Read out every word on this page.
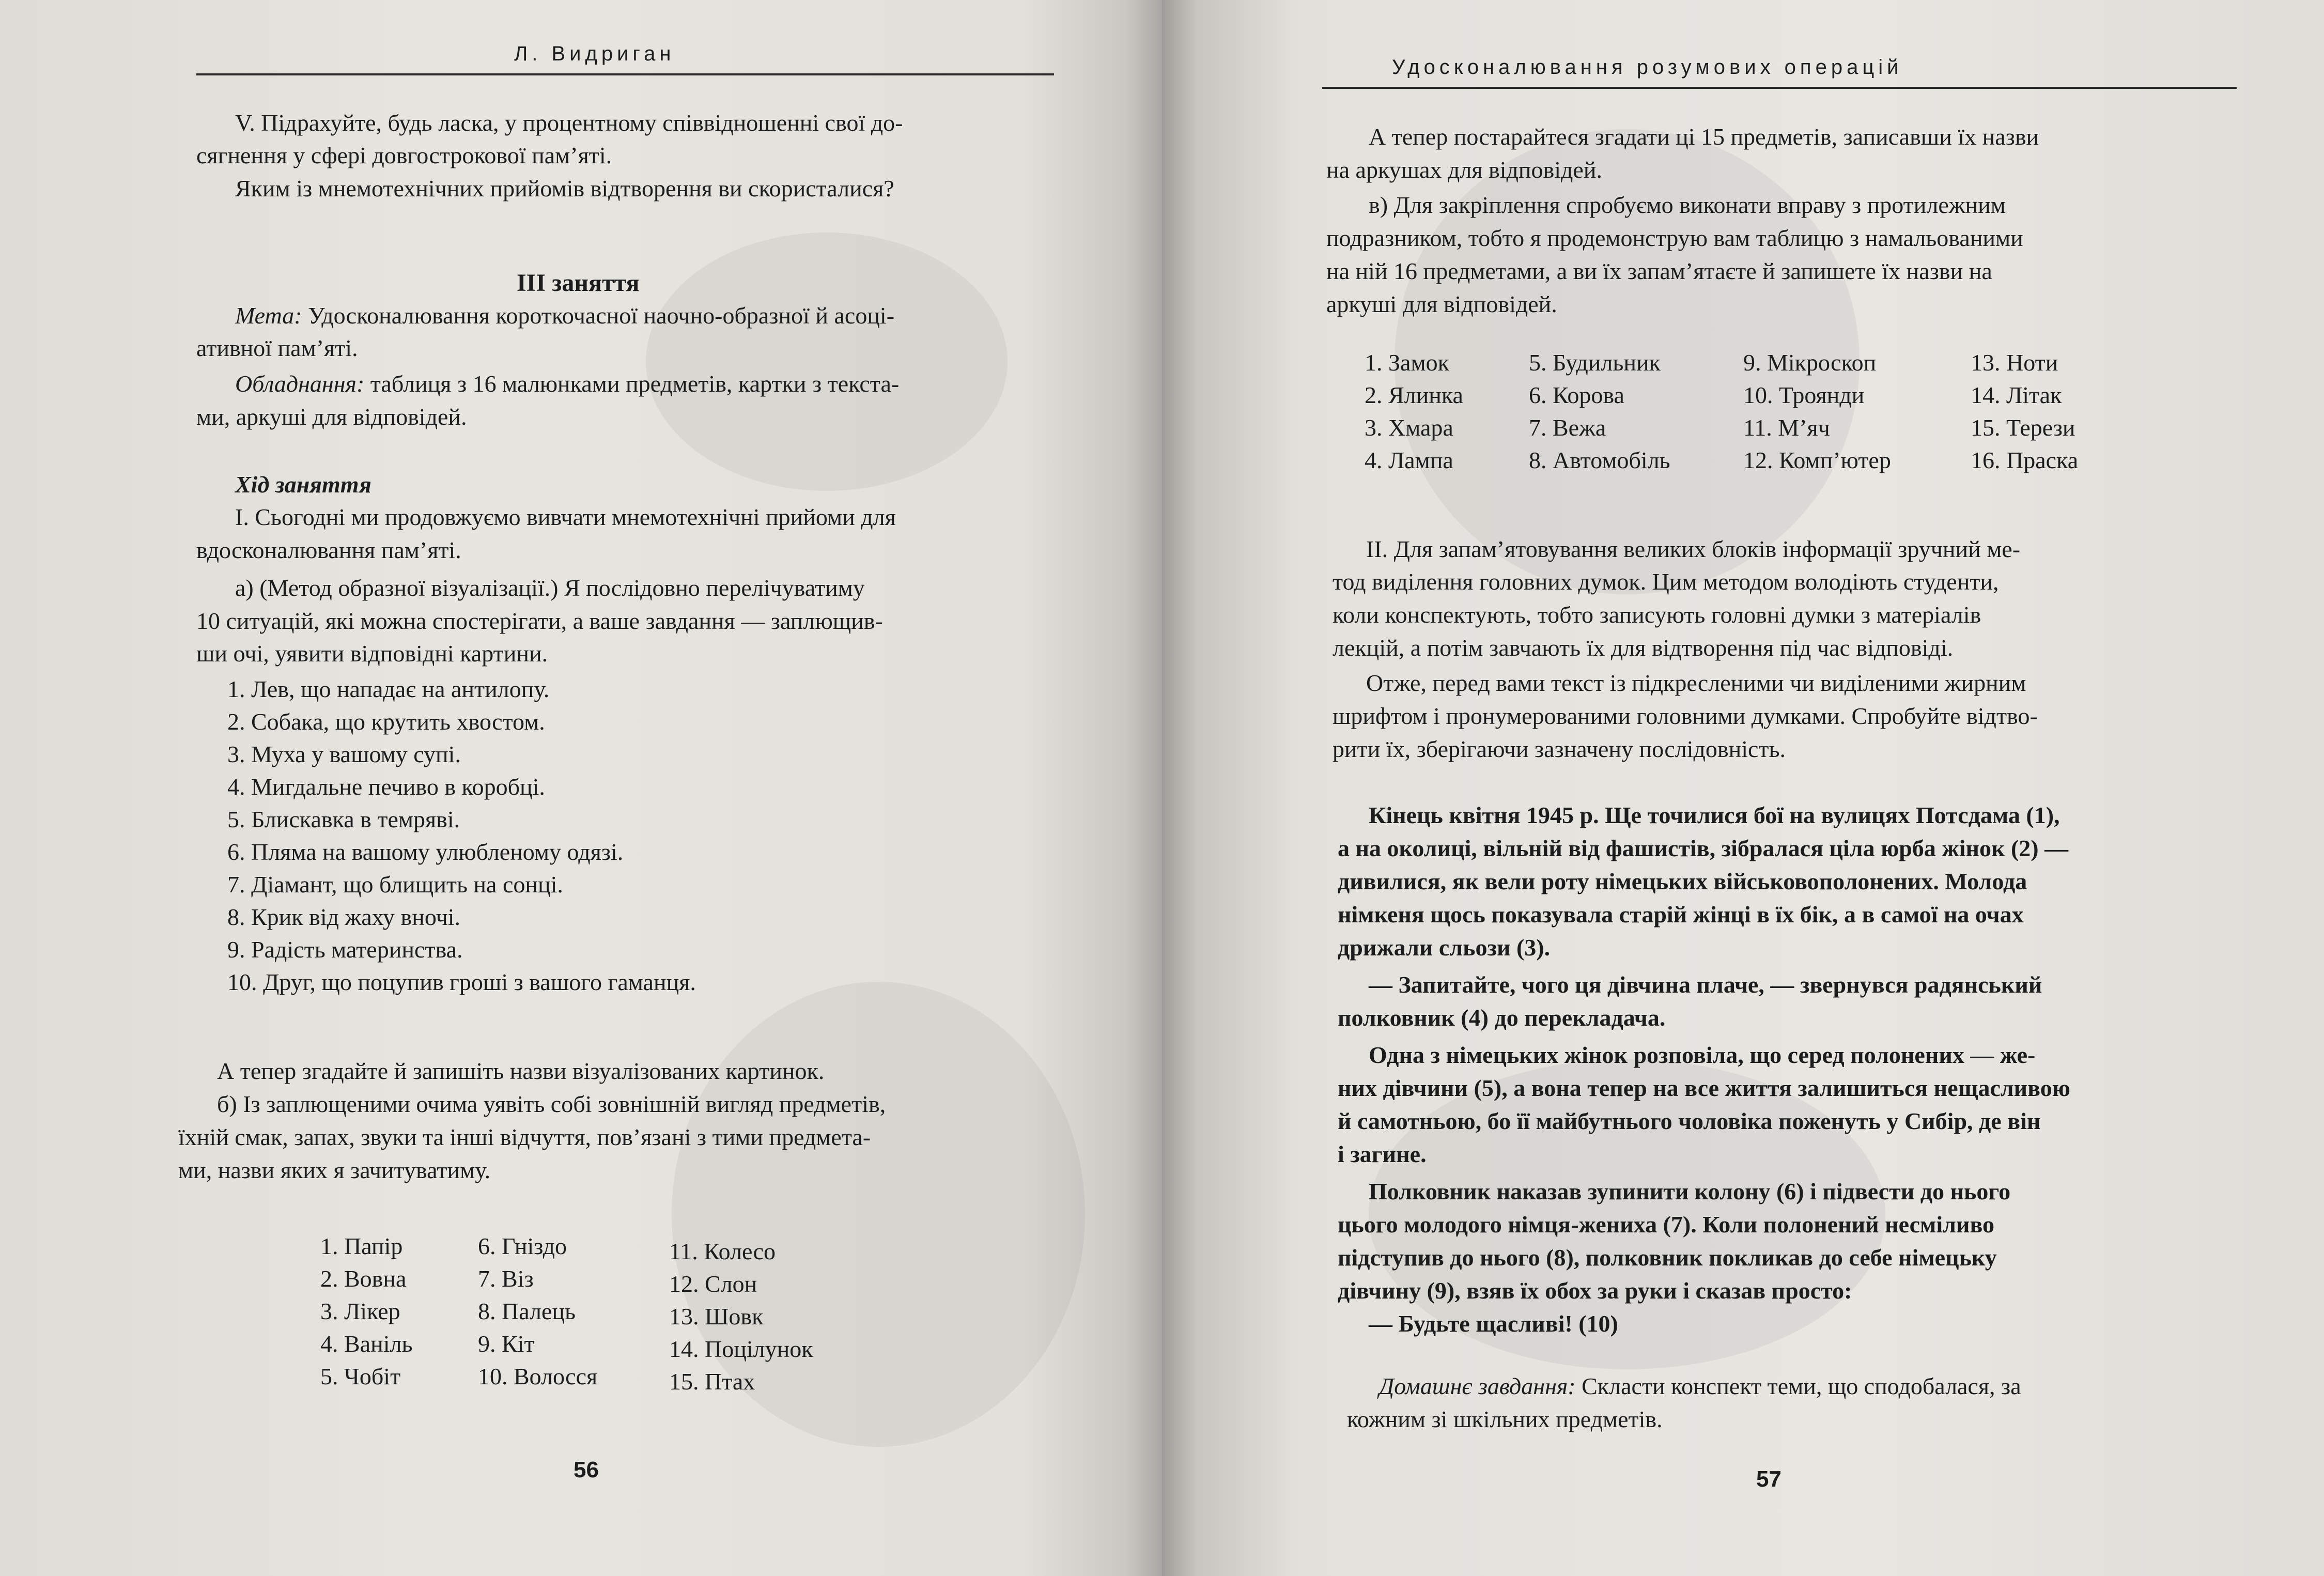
Л. Видриган
V. Підрахуйте, будь ласка, у процентному співвідношенні свої до-
сягнення у сфері довгострокової пам’яті.
Яким із мнемотехнічних прийомів відтворення ви скористалися?
III заняття
Мета: Удосконалювання короткочасної наочно-образної й асоці-
ативної пам’яті.
Обладнання: таблиця з 16 малюнками предметів, картки з текста-
ми, аркуші для відповідей.
Хід заняття
І. Сьогодні ми продовжуємо вивчати мнемотехнічні прийоми для
вдосконалювання пам’яті.
а) (Метод образної візуалізації.) Я послідовно перелічуватиму
10 ситуацій, які можна спостерігати, а ваше завдання — заплющив-
ши очі, уявити відповідні картини.
1. Лев, що нападає на антилопу.
2. Собака, що крутить хвостом.
3. Муха у вашому супі.
4. Мигдальне печиво в коробці.
5. Блискавка в темряві.
6. Пляма на вашому улюбленому одязі.
7. Діамант, що блищить на сонці.
8. Крик від жаху вночі.
9. Радість материнства.
10. Друг, що поцупив гроші з вашого гаманця.
А тепер згадайте й запишіть назви візуалізованих картинок.
б) Із заплющеними очима уявіть собі зовнішній вигляд предметів,
їхній смак, запах, звуки та інші відчуття, пов’язані з тими предмета-
ми, назви яких я зачитуватиму.
1. Папір
2. Вовна
3. Лікер
4. Ваніль
5. Чобіт
6. Гніздо
7. Віз
8. Палець
9. Кіт
10. Волосся
11. Колесо
12. Слон
13. Шовк
14. Поцілунок
15. Птах
56
Удосконалювання розумових операцій
А тепер постарайтеся згадати ці 15 предметів, записавши їх назви
на аркушах для відповідей.
в) Для закріплення спробуємо виконати вправу з протилежним
подразником, тобто я продемонструю вам таблицю з намальованими
на ній 16 предметами, а ви їх запам’ятаєте й запишете їх назви на
аркуші для відповідей.
1. Замок
2. Ялинка
3. Хмара
4. Лампа
5. Будильник
6. Корова
7. Вежа
8. Автомобіль
9. Мікроскоп
10. Троянди
11. М’яч
12. Комп’ютер
13. Ноти
14. Літак
15. Терези
16. Праска
II. Для запам’ятовування великих блоків інформації зручний ме-
тод виділення головних думок. Цим методом володіють студенти,
коли конспектують, тобто записують головні думки з матеріалів
лекцій, а потім завчають їх для відтворення під час відповіді.
Отже, перед вами текст із підкресленими чи виділеними жирним
шрифтом і пронумерованими головними думками. Спробуйте відтво-
рити їх, зберігаючи зазначену послідовність.
Кінець квітня 1945 р. Ще точилися бої на вулицях Потсдама (1),
а на околиці, вільній від фашистів, зібралася ціла юрба жінок (2) —
дивилися, як вели роту німецьких військовополонених. Молода
німкеня щось показувала старій жінці в їх бік, а в самої на очах
дрижали сльози (3).
— Запитайте, чого ця дівчина плаче, — звернувся радянський
полковник (4) до перекладача.
Одна з німецьких жінок розповіла, що серед полонених — же-
них дівчини (5), а вона тепер на все життя залишиться нещасливою
й самотньою, бо її майбутнього чоловіка поженуть у Сибір, де він
і загине.
Полковник наказав зупинити колону (6) і підвести до нього
цього молодого німця-жениха (7). Коли полонений несміливо
підступив до нього (8), полковник покликав до себе німецьку
дівчину (9), взяв їх обох за руки і сказав просто:
— Будьте щасливі! (10)
Домашнє завдання: Скласти конспект теми, що сподобалася, за
кожним зі шкільних предметів.
57
